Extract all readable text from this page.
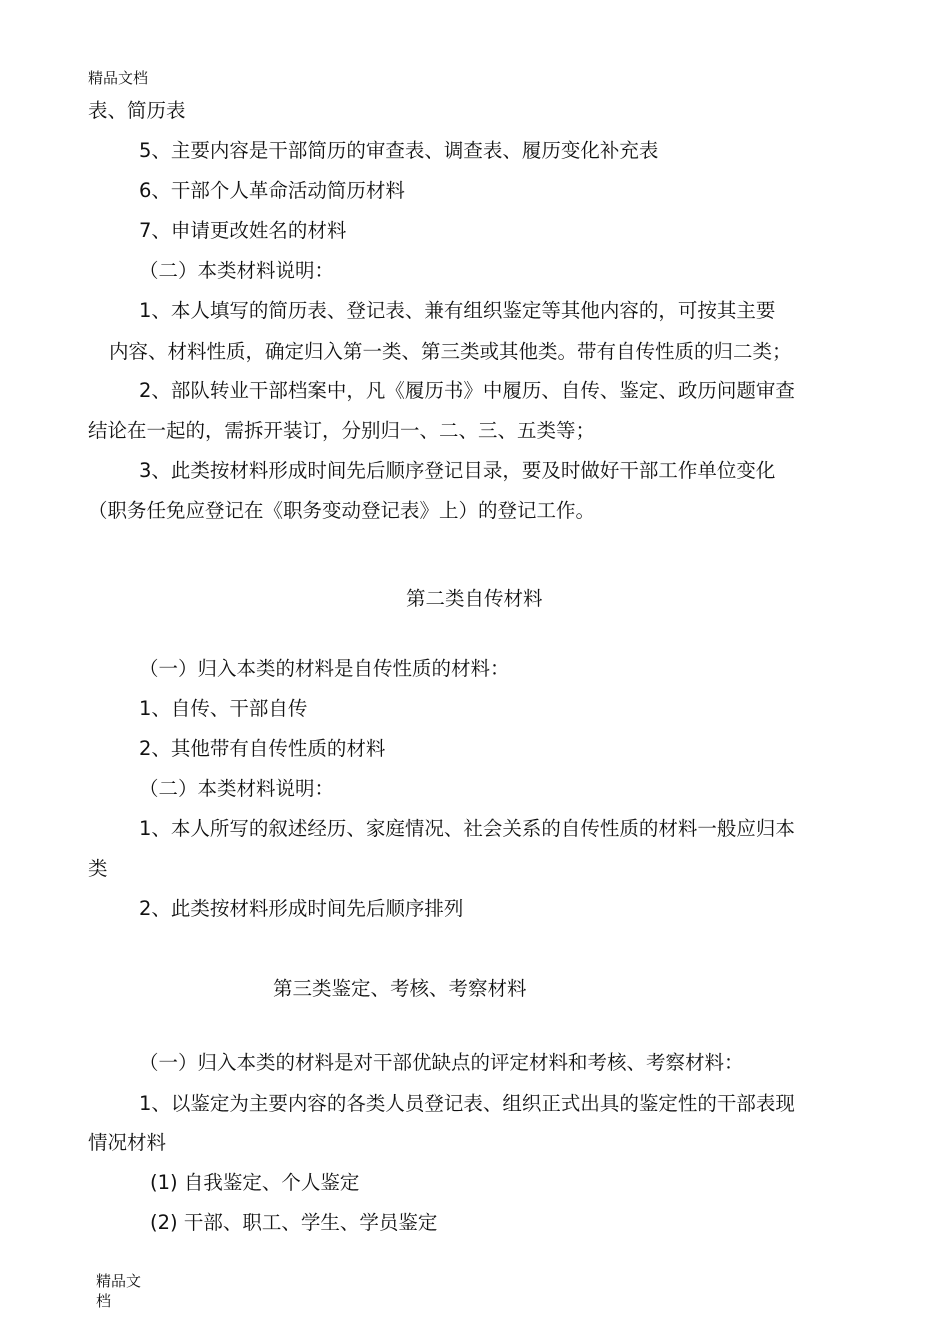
精品文档
表、简历表
5、主要内容是干部简历的审查表、调查表、履历变化补充表
6、干部个人革命活动简历材料
7、申请更改姓名的材料
（二）本类材料说明：
1、本人填写的简历表、登记表、兼有组织鉴定等其他内容的，可按其主要
内容、材料性质，确定归入第一类、第三类或其他类。带有自传性质的归二类；
2、部队转业干部档案中，凡《履历书》中履历、自传、鉴定、政历问题审查
结论在一起的，需拆开装订，分别归一、二、三、五类等；
3、此类按材料形成时间先后顺序登记目录，要及时做好干部工作单位变化
（职务任免应登记在《职务变动登记表》上）的登记工作。
第二类自传材料
（一）归入本类的材料是自传性质的材料：
1、自传、干部自传
2、其他带有自传性质的材料
（二）本类材料说明：
1、本人所写的叙述经历、家庭情况、社会关系的自传性质的材料一般应归本
类
2、此类按材料形成时间先后顺序排列
第三类鉴定、考核、考察材料
（一）归入本类的材料是对干部优缺点的评定材料和考核、考察材料：
1、以鉴定为主要内容的各类人员登记表、组织正式出具的鉴定性的干部表现
情况材料
(1) 自我鉴定、个人鉴定
(2) 干部、职工、学生、学员鉴定
精品文
档
